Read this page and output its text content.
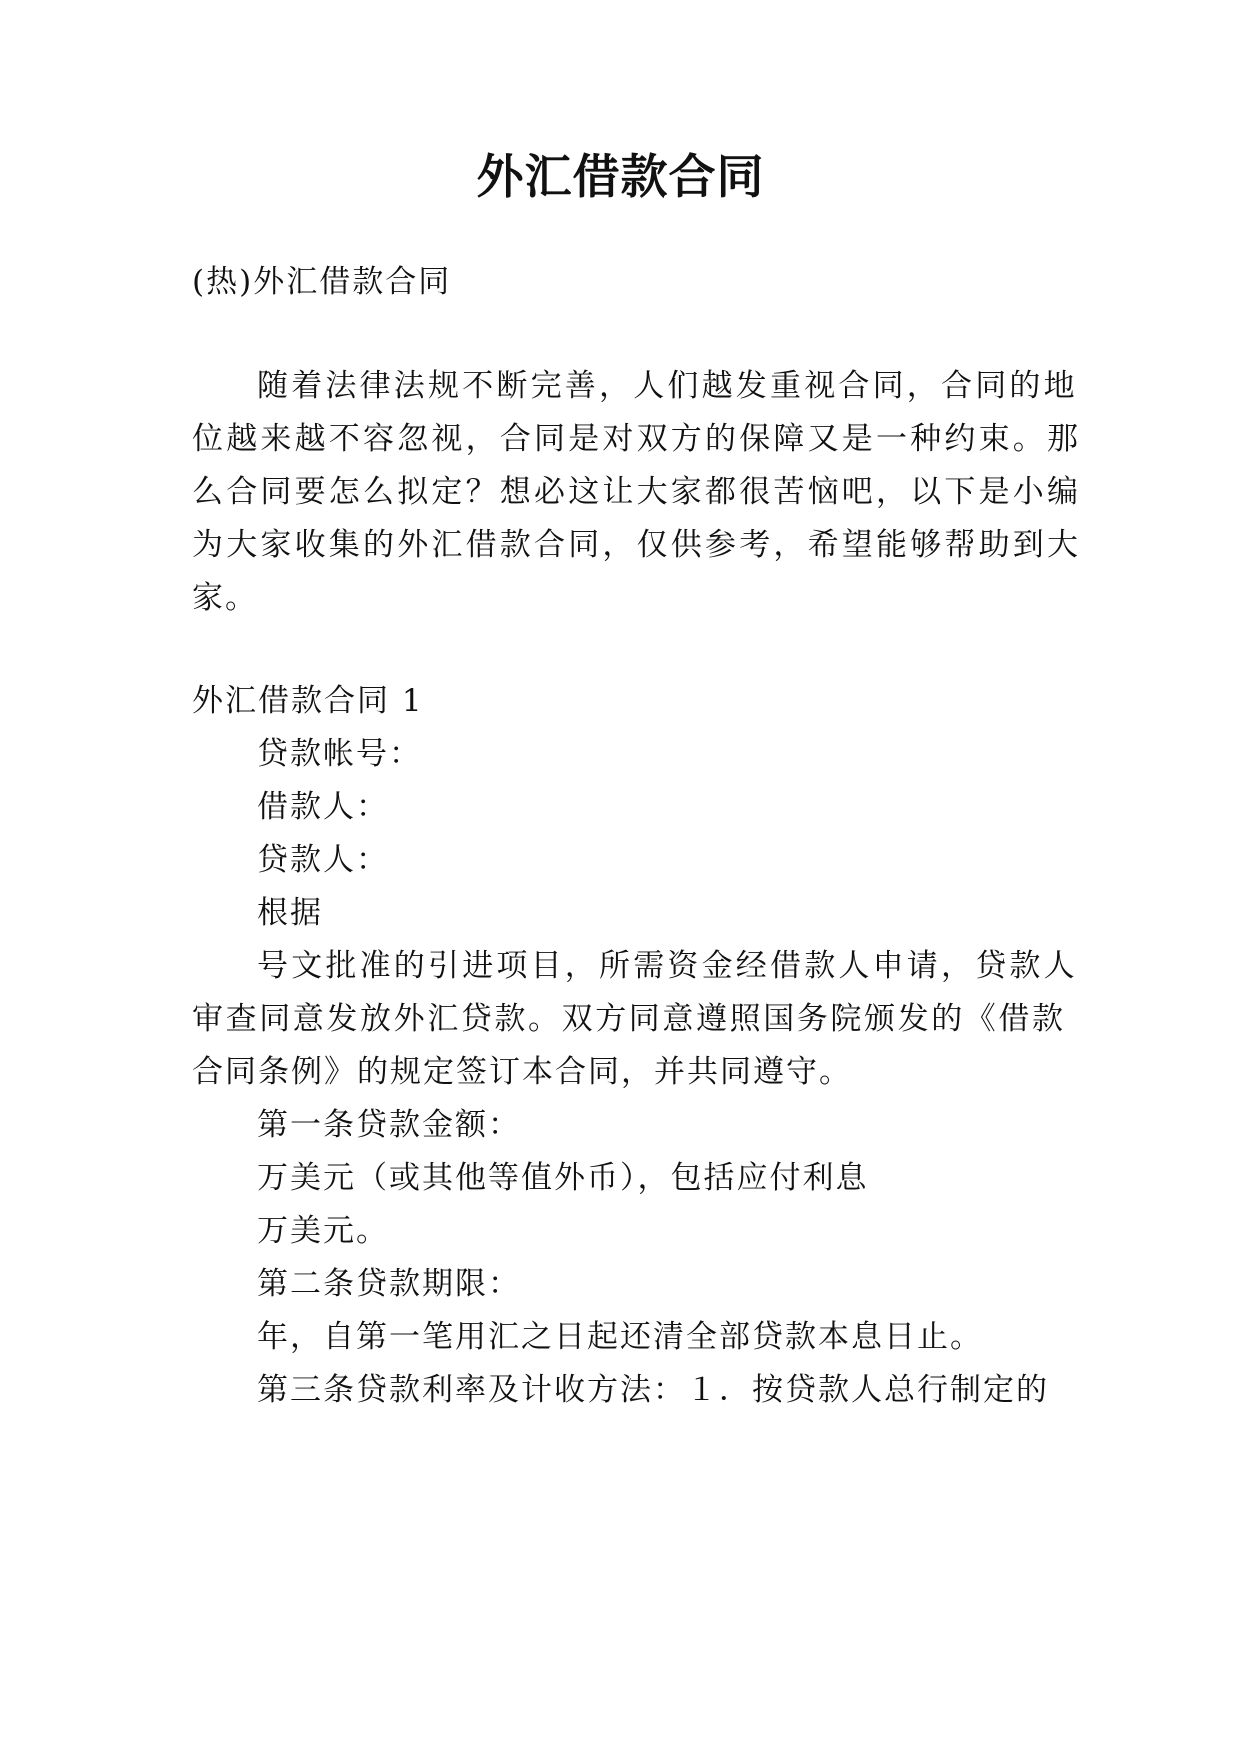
外汇借款合同
(热)外汇借款合同
随着法律法规不断完善，人们越发重视合同，合同的地
位越来越不容忽视，合同是对双方的保障又是一种约束。那
么合同要怎么拟定？想必这让大家都很苦恼吧，以下是小编
为大家收集的外汇借款合同，仅供参考，希望能够帮助到大
家。
外汇借款合同 1
贷款帐号：
借款人：
贷款人：
根据
号文批准的引进项目，所需资金经借款人申请，贷款人
审查同意发放外汇贷款。双方同意遵照国务院颁发的《借款
合同条例》的规定签订本合同，并共同遵守。
第一条贷款金额：
万美元（或其他等值外币），包括应付利息
万美元。
第二条贷款期限：
年，自第一笔用汇之日起还清全部贷款本息日止。
第三条贷款利率及计收方法：１．按贷款人总行制定的
